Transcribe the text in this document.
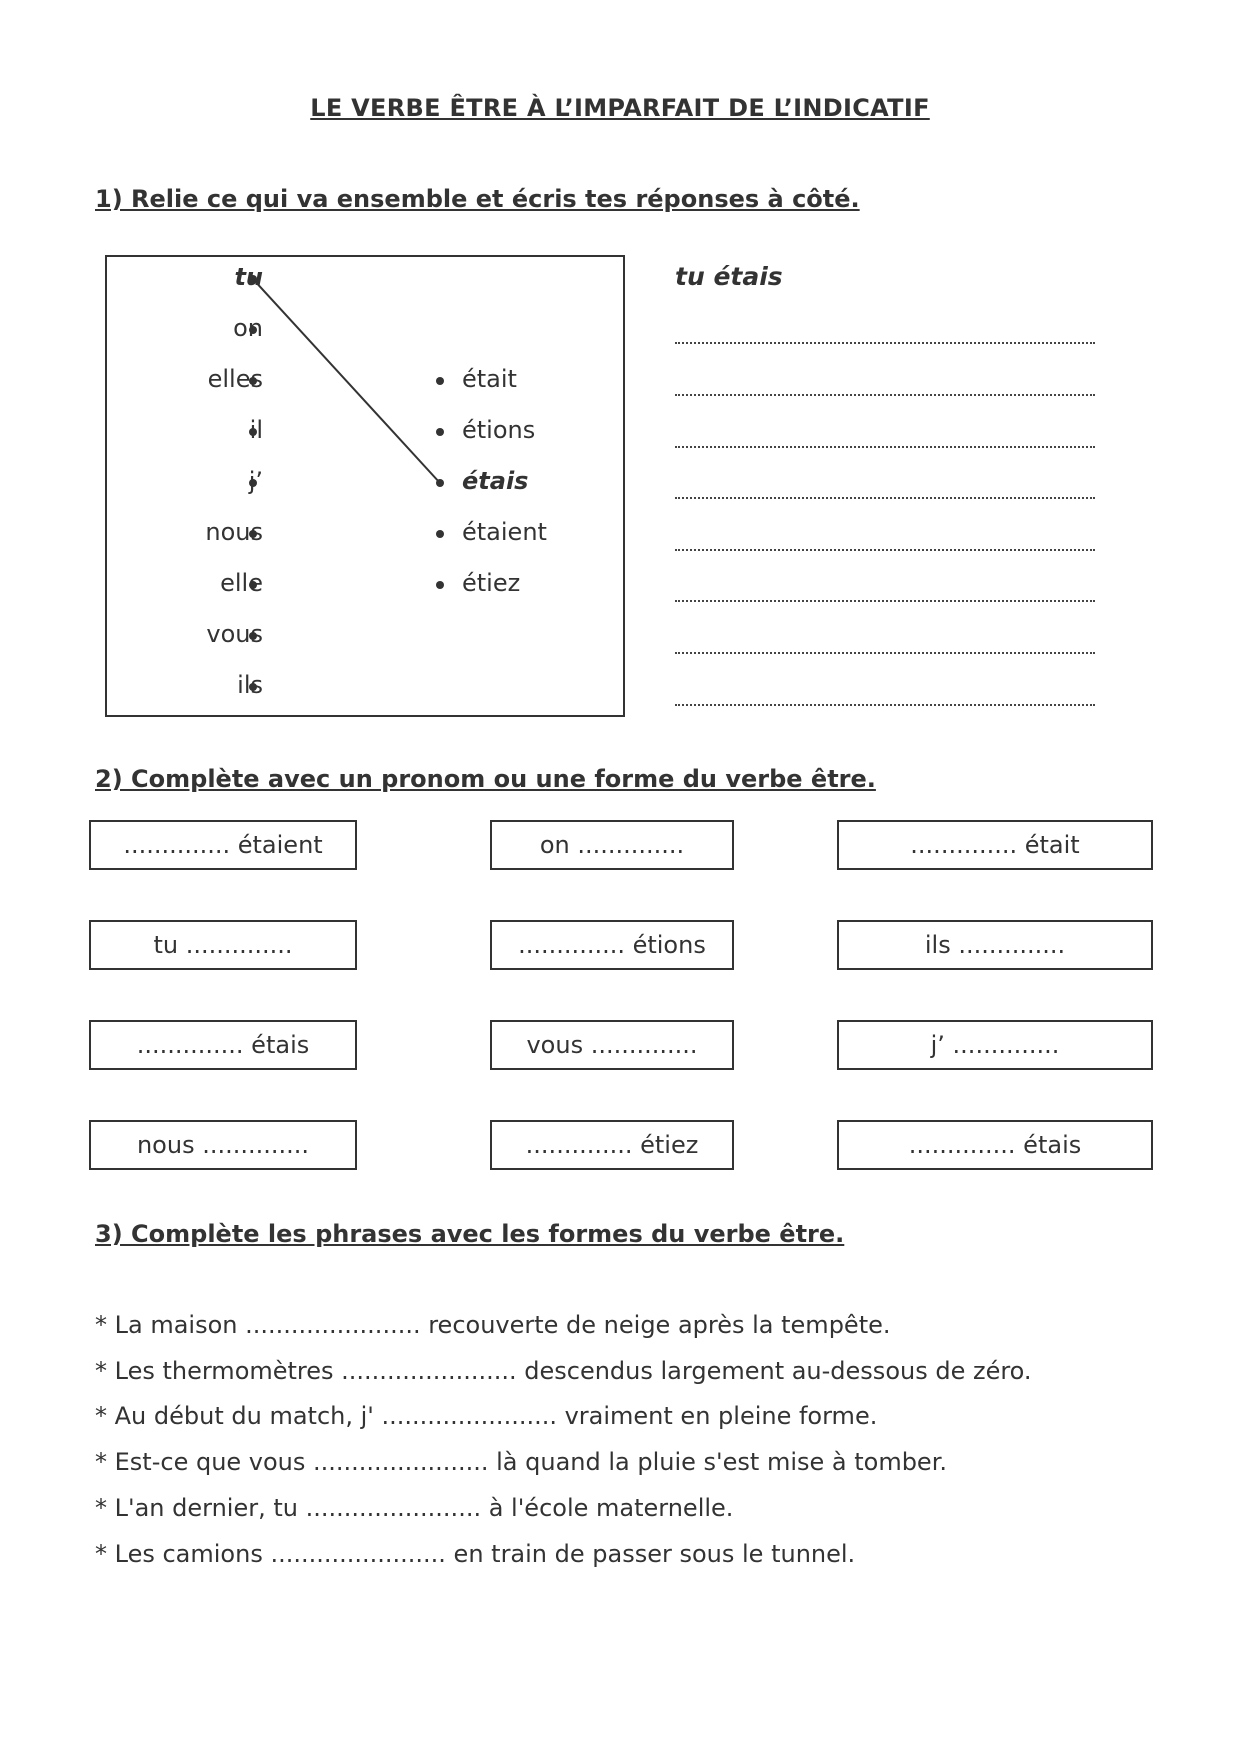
LE VERBE ÊTRE À L’IMPARFAIT DE L’INDICATIF
1) Relie ce qui va ensemble et écris tes réponses à côté.
tu
on
elles
il
j’
nous
elle
vous
ils
était
étions
étais
étaient
étiez
tu étais
2) Complète avec un pronom ou une forme du verbe être.
.............. étaient	on ..............	.............. était
tu ..............	.............. étions	ils ..............
.............. étais	vous ..............	j’ ..............
nous ..............	.............. étiez	.............. étais
3) Complète les phrases avec les formes du verbe être.
* La maison ....................... recouverte de neige après la tempête.
* Les thermomètres ....................... descendus largement au-dessous de zéro.
* Au début du match, j' ....................... vraiment en pleine forme.
* Est-ce que vous ....................... là quand la pluie s'est mise à tomber.
* L'an dernier, tu ....................... à l'école maternelle.
* Les camions ....................... en train de passer sous le tunnel.
